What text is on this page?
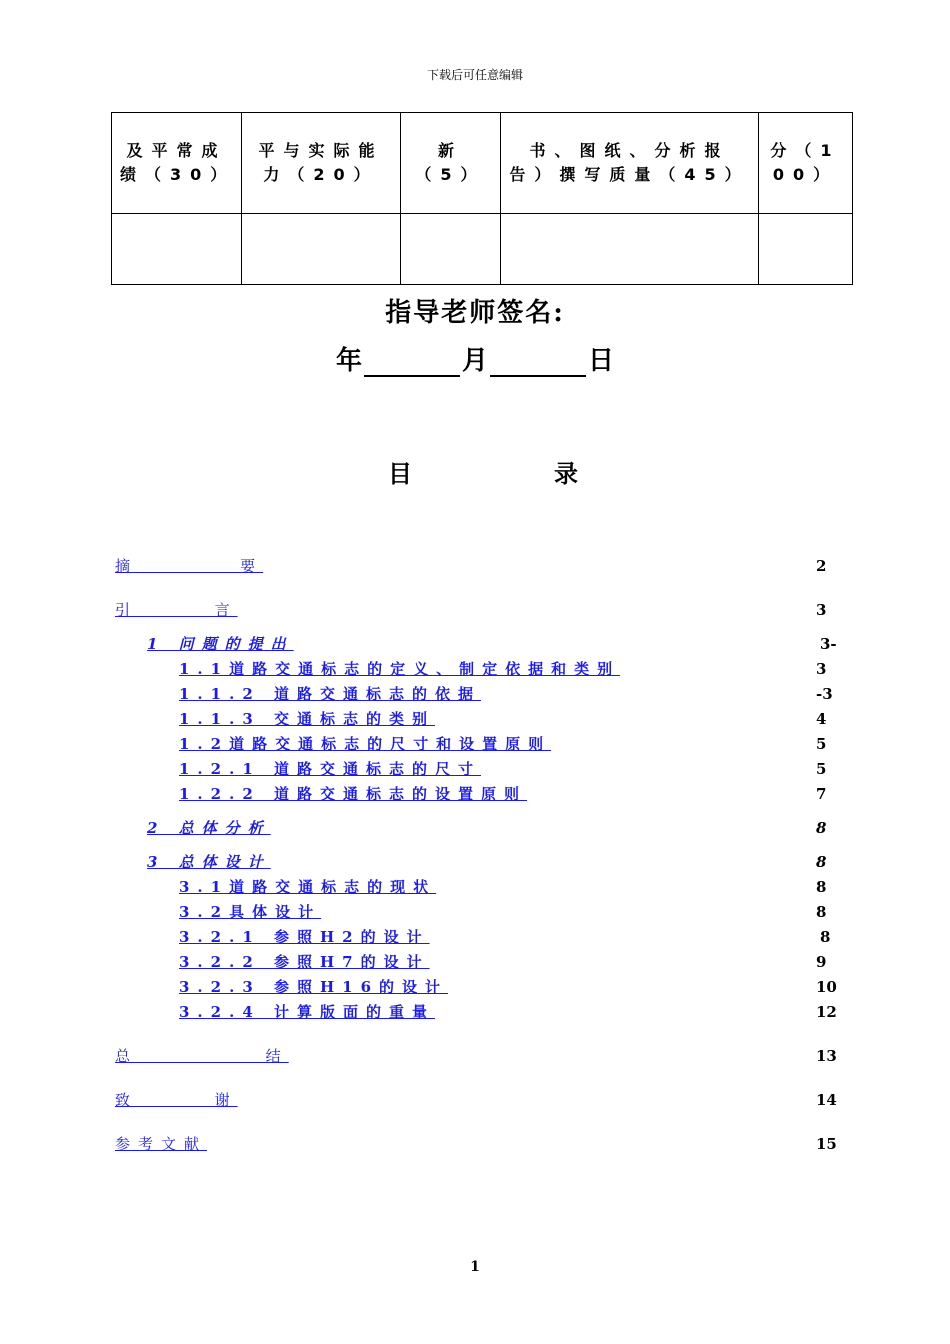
下载后可任意编辑
及平常成绩（30）	平与实际能力（20）	新（5）	书、图纸、分析报告）撰写质量（45）	分（100）

指导老师签名:
年	月	日
目	录
摘        要	2
引      言	3
1 问题的提出	3-
1.1道路交通标志的定义、制定依据和类别	3
1.1.2 道路交通标志的依据	-3
1.1.3 交通标志的类别	4
1.2道路交通标志的尺寸和设置原则	5
1.2.1 道路交通标志的尺寸	5
1.2.2 道路交通标志的设置原则	7
2 总体分析	8
3 总体设计	8
3.1道路交通标志的现状	8
3.2具体设计	8
3.2.1 参照H2的设计	8
3.2.2 参照H7的设计	9
3.2.3 参照H16的设计	10
3.2.4 计算版面的重量	12
总          结	13
致      谢	14
参考文献	15
1
